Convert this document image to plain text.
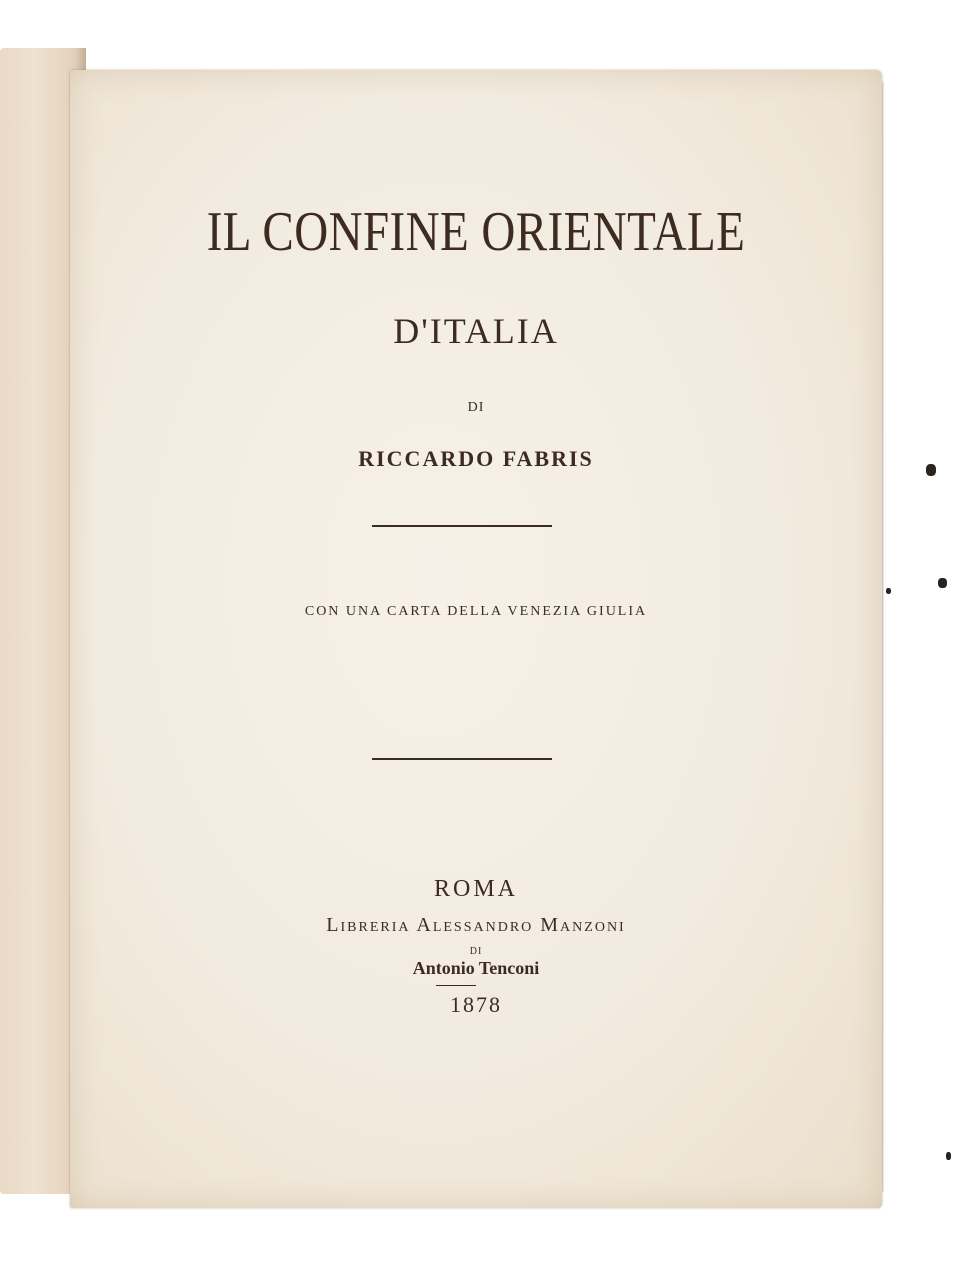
IL CONFINE ORIENTALE
D'ITALIA
DI
RICCARDO FABRIS
CON UNA CARTA DELLA VENEZIA GIULIA
ROMA
Libreria Alessandro Manzoni
DI
Antonio Tenconi
1878
